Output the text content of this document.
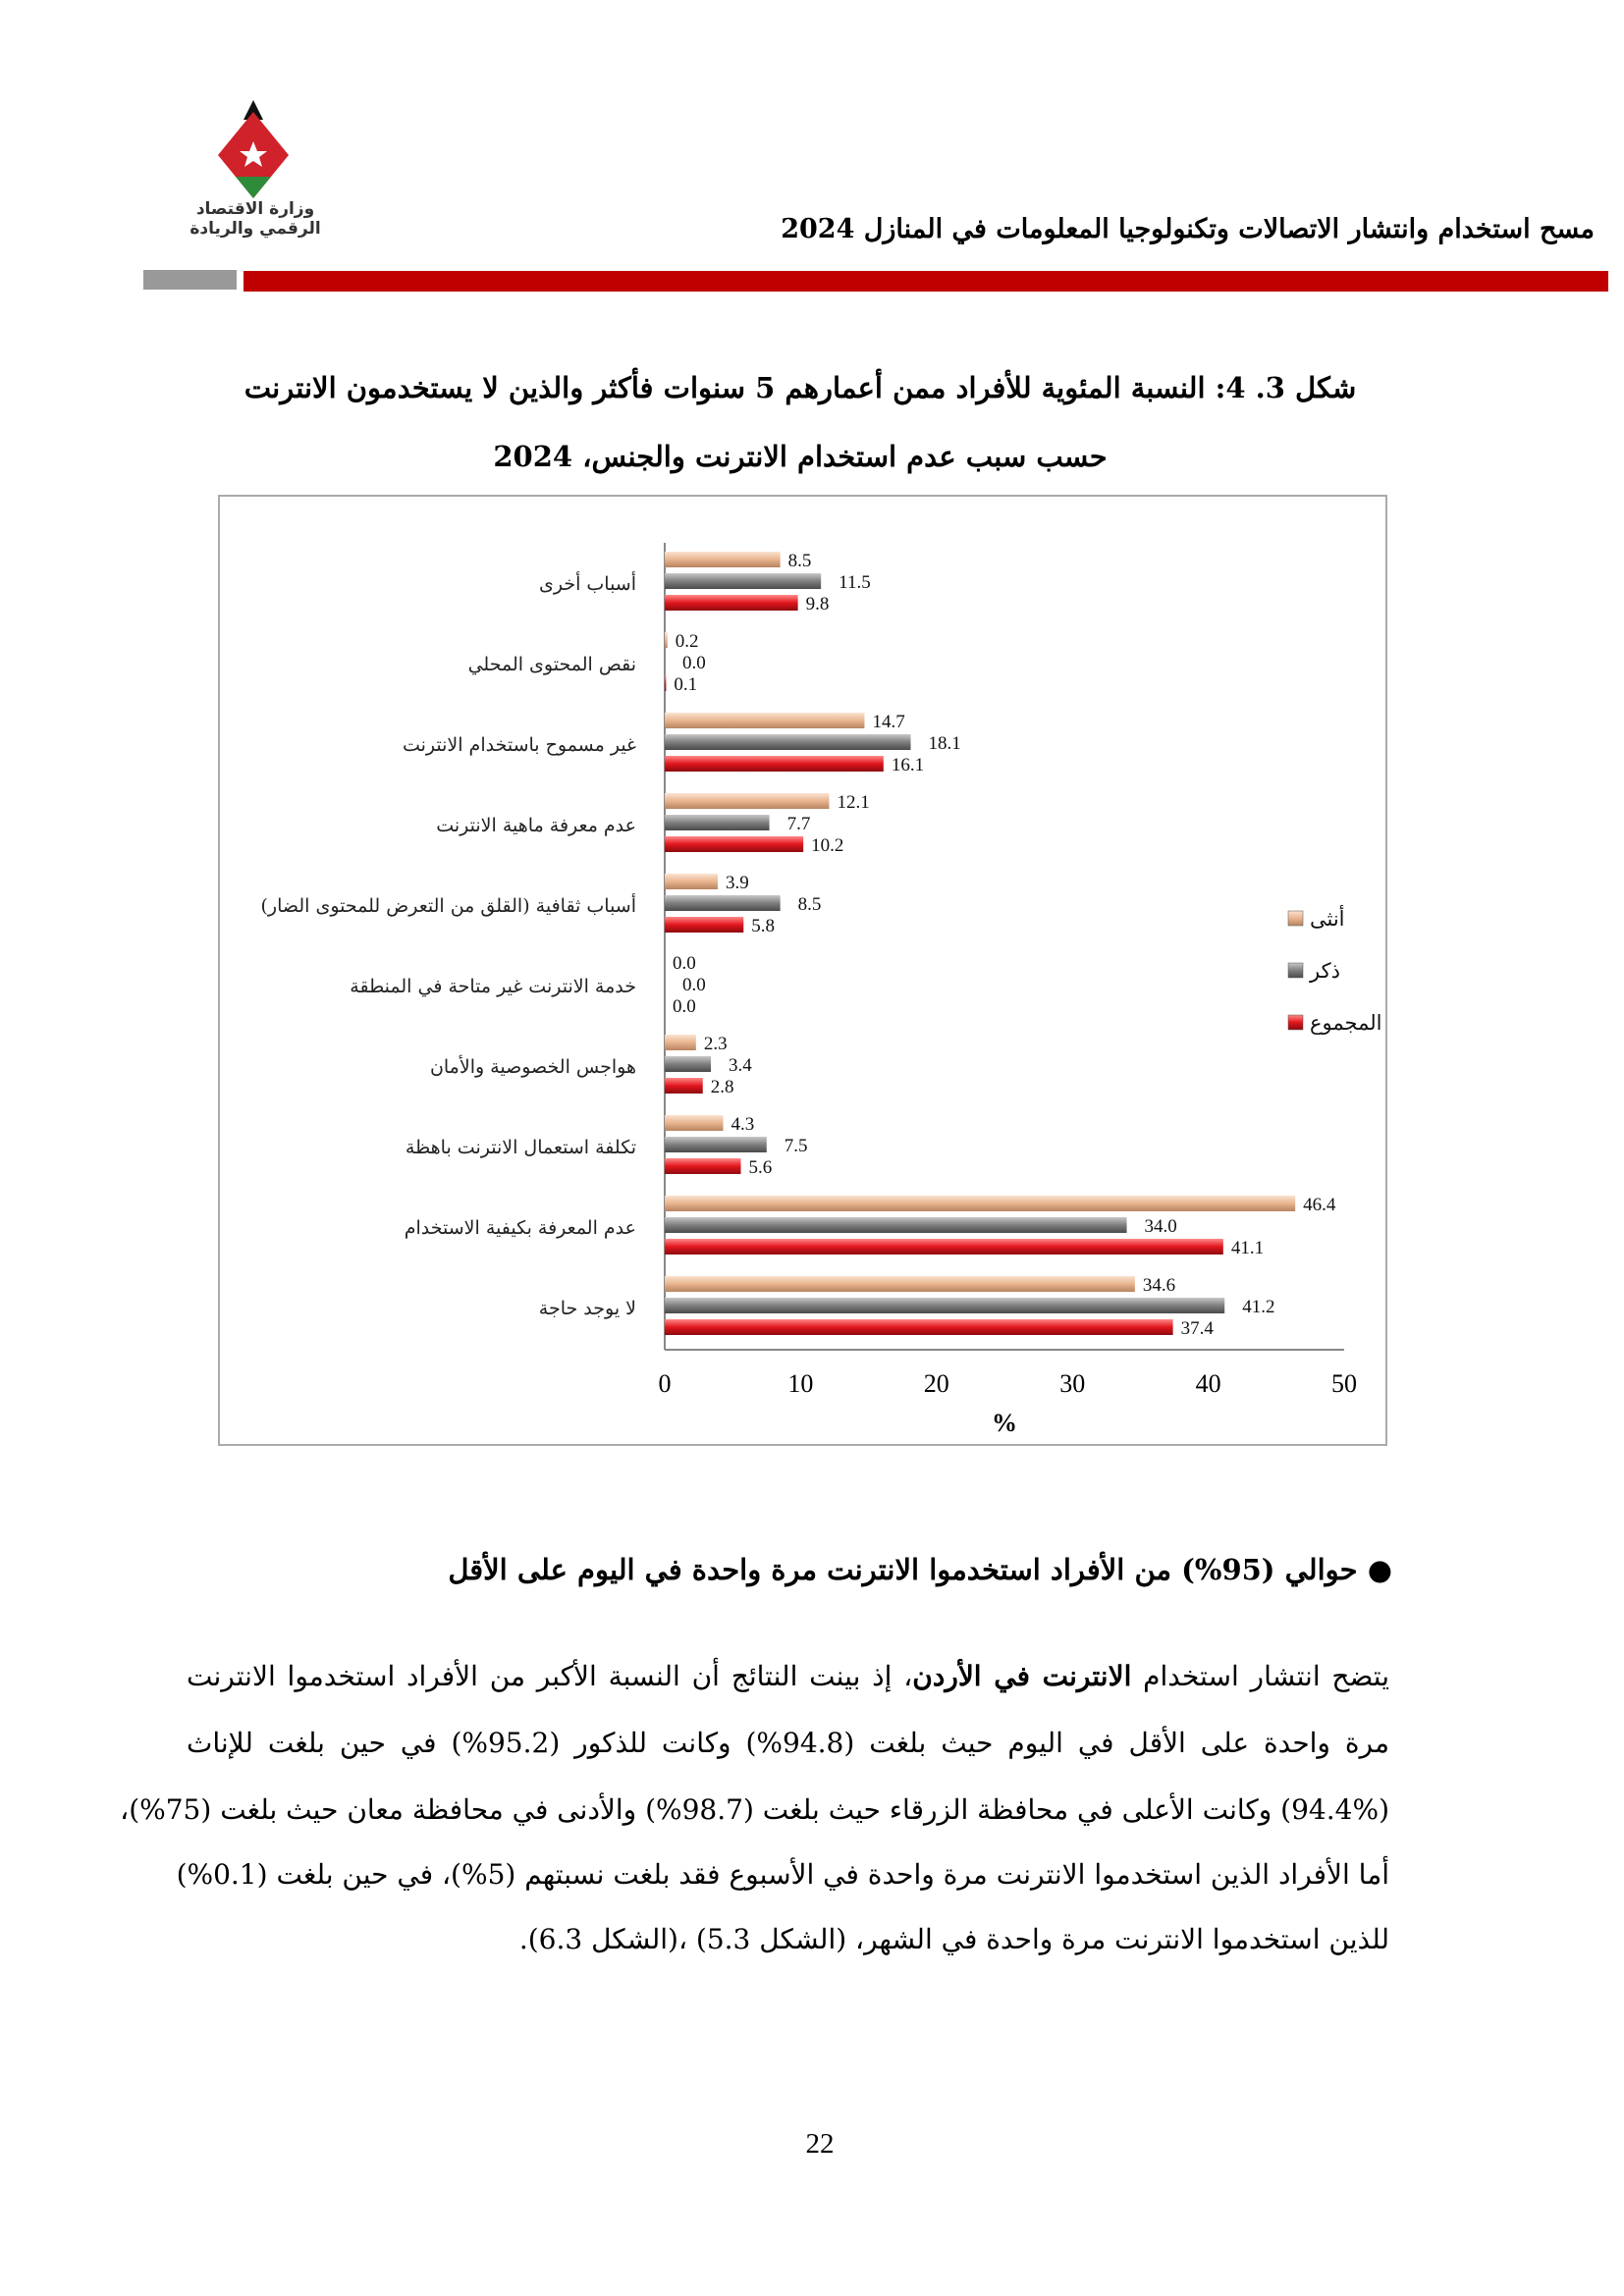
وزارة الاقتصاد
الرقمي والريادة	مسح استخدام وانتشار الاتصالات وتكنولوجيا المعلومات في المنازل 2024
شكل 3. 4: النسبة المئوية للأفراد ممن أعمارهم 5 سنوات فأكثر والذين لا يستخدمون الانترنت
حسب سبب عدم استخدام الانترنت والجنس، 2024
0	10	20	30	40	50
%
أسباب أخرى
8.5
11.5
9.8
نقص المحتوى المحلي
0.2
0.0
0.1
غير مسموح باستخدام الانترنت
14.7
18.1
16.1
عدم معرفة ماهية الانترنت
12.1
7.7
10.2
أسباب ثقافية (القلق من التعرض للمحتوى الضار)
3.9
8.5
5.8
خدمة الانترنت غير متاحة في المنطقة
0.0
0.0
0.0
هواجس الخصوصية والأمان
2.3
3.4
2.8
تكلفة استعمال الانترنت باهظة
4.3
7.5
5.6
عدم المعرفة بكيفية الاستخدام
46.4
34.0
41.1
لا يوجد حاجة
34.6
41.2
37.4
أنثى
ذكر
المجموع
● حوالي (95%) من الأفراد استخدموا الانترنت مرة واحدة في اليوم على الأقل
يتضح انتشار استخدام الانترنت في الأردن، إذ بينت النتائج أن النسبة الأكبر من الأفراد استخدموا الانترنت
مرة واحدة على الأقل في اليوم حيث بلغت (94.8%) وكانت للذكور (95.2%) في حين بلغت للإناث
(94.4%) وكانت الأعلى في محافظة الزرقاء حيث بلغت (98.7%) والأدنى في محافظة معان حيث بلغت (75%)،
أما الأفراد الذين استخدموا الانترنت مرة واحدة في الأسبوع فقد بلغت نسبتهم (5%)، في حين بلغت (0.1%)
للذين استخدموا الانترنت مرة واحدة في الشهر، (الشكل 5.3) ،(الشكل 6.3).
22
